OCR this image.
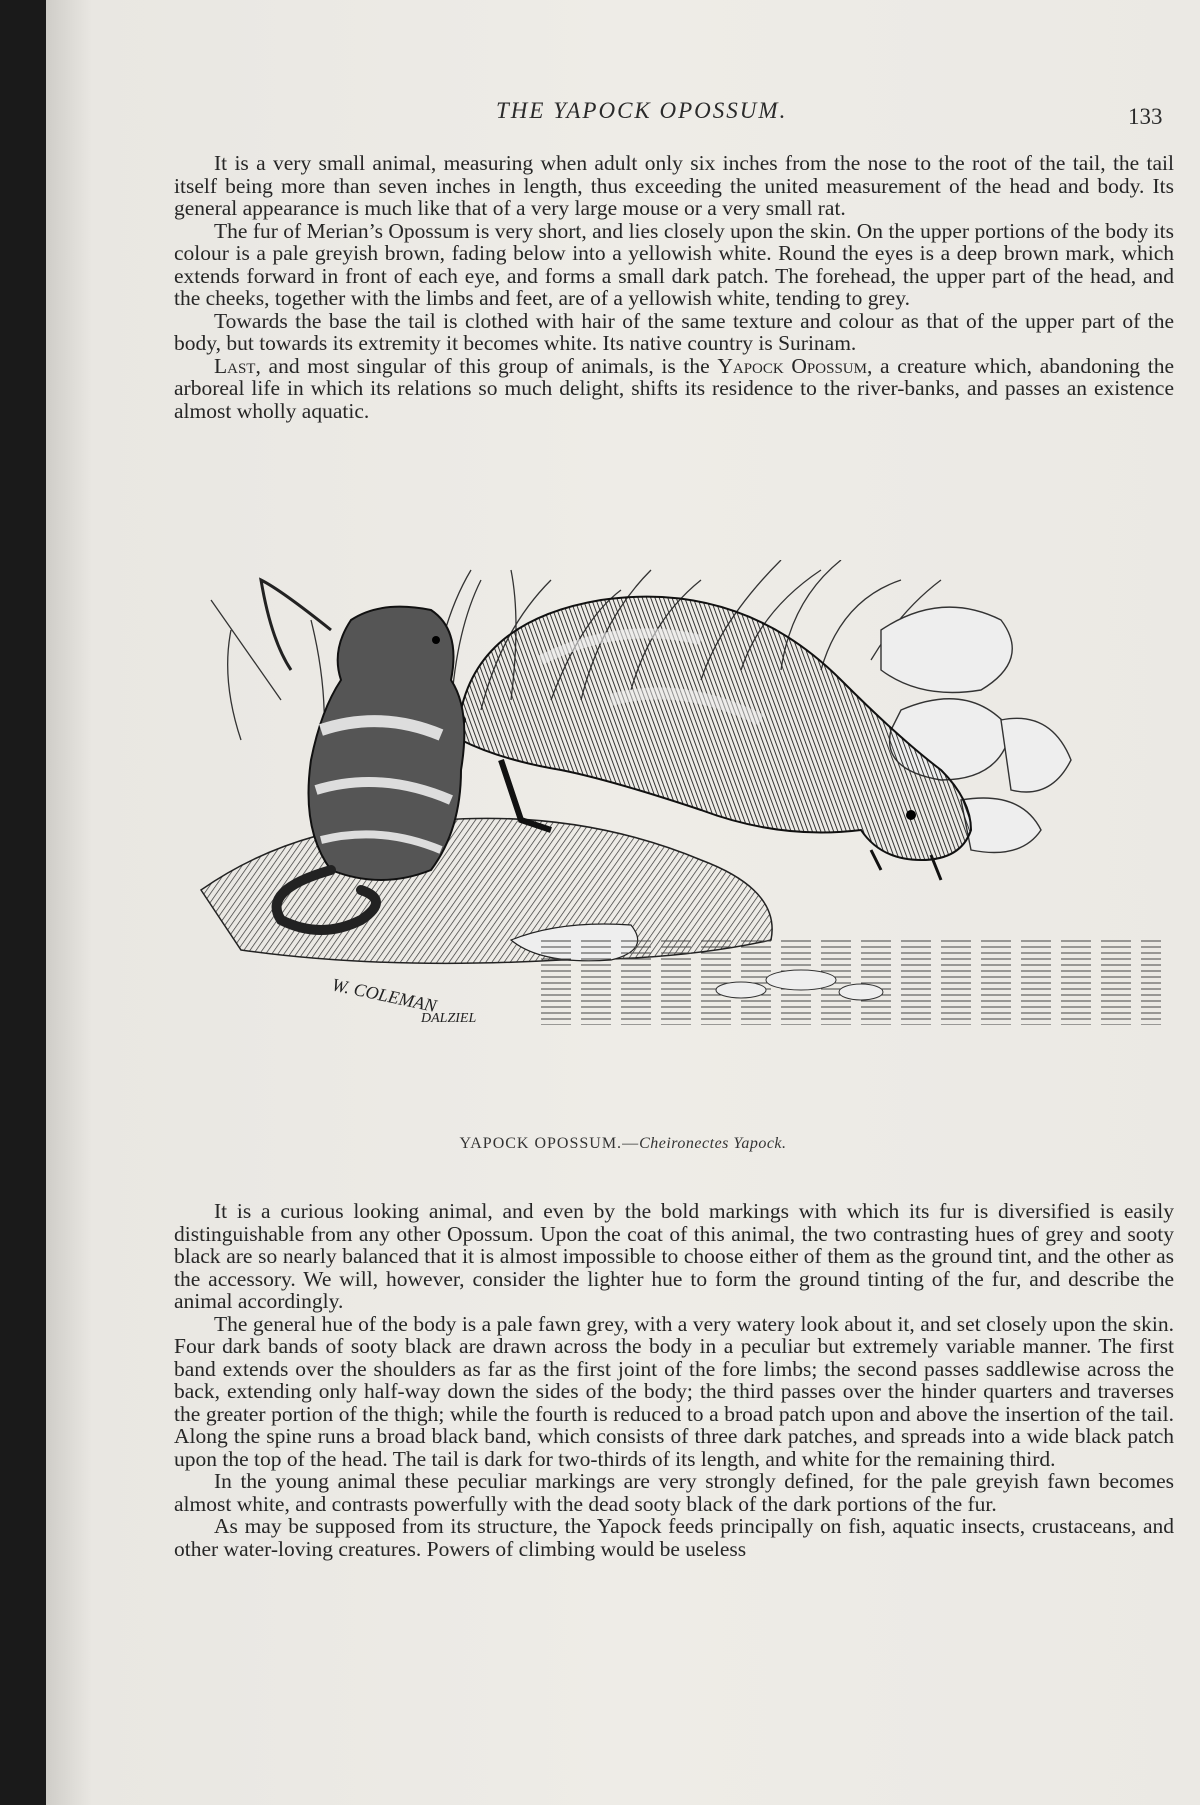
THE YAPOCK OPOSSUM.	133

It is a very small animal, measuring when adult only six inches from the nose to the root of the tail, the tail itself being more than seven inches in length, thus exceeding the united measurement of the head and body. Its general appearance is much like that of a very large mouse or a very small rat.

The fur of Merian’s Opossum is very short, and lies closely upon the skin. On the upper portions of the body its colour is a pale greyish brown, fading below into a yellowish white. Round the eyes is a deep brown mark, which extends forward in front of each eye, and forms a small dark patch. The forehead, the upper part of the head, and the cheeks, together with the limbs and feet, are of a yellowish white, tending to grey.

Towards the base the tail is clothed with hair of the same texture and colour as that of the upper part of the body, but towards its extremity it becomes white. Its native country is Surinam.

Last, and most singular of this group of animals, is the Yapock Opossum, a creature which, abandoning the arboreal life in which its relations so much delight, shifts its residence to the river-banks, and passes an existence almost wholly aquatic.

W. COLEMAN
DALZIEL
YAPOCK OPOSSUM.—Cheironectes Yapock.

It is a curious looking animal, and even by the bold markings with which its fur is diversified is easily distinguishable from any other Opossum. Upon the coat of this animal, the two contrasting hues of grey and sooty black are so nearly balanced that it is almost impossible to choose either of them as the ground tint, and the other as the accessory. We will, however, consider the lighter hue to form the ground tinting of the fur, and describe the animal accordingly.

The general hue of the body is a pale fawn grey, with a very watery look about it, and set closely upon the skin. Four dark bands of sooty black are drawn across the body in a peculiar but extremely variable manner. The first band extends over the shoulders as far as the first joint of the fore limbs; the second passes saddlewise across the back, extending only half-way down the sides of the body; the third passes over the hinder quarters and traverses the greater portion of the thigh; while the fourth is reduced to a broad patch upon and above the insertion of the tail. Along the spine runs a broad black band, which consists of three dark patches, and spreads into a wide black patch upon the top of the head. The tail is dark for two-thirds of its length, and white for the remaining third.

In the young animal these peculiar markings are very strongly defined, for the pale greyish fawn becomes almost white, and contrasts powerfully with the dead sooty black of the dark portions of the fur.

As may be supposed from its structure, the Yapock feeds principally on fish, aquatic insects, crustaceans, and other water-loving creatures. Powers of climbing would be useless
